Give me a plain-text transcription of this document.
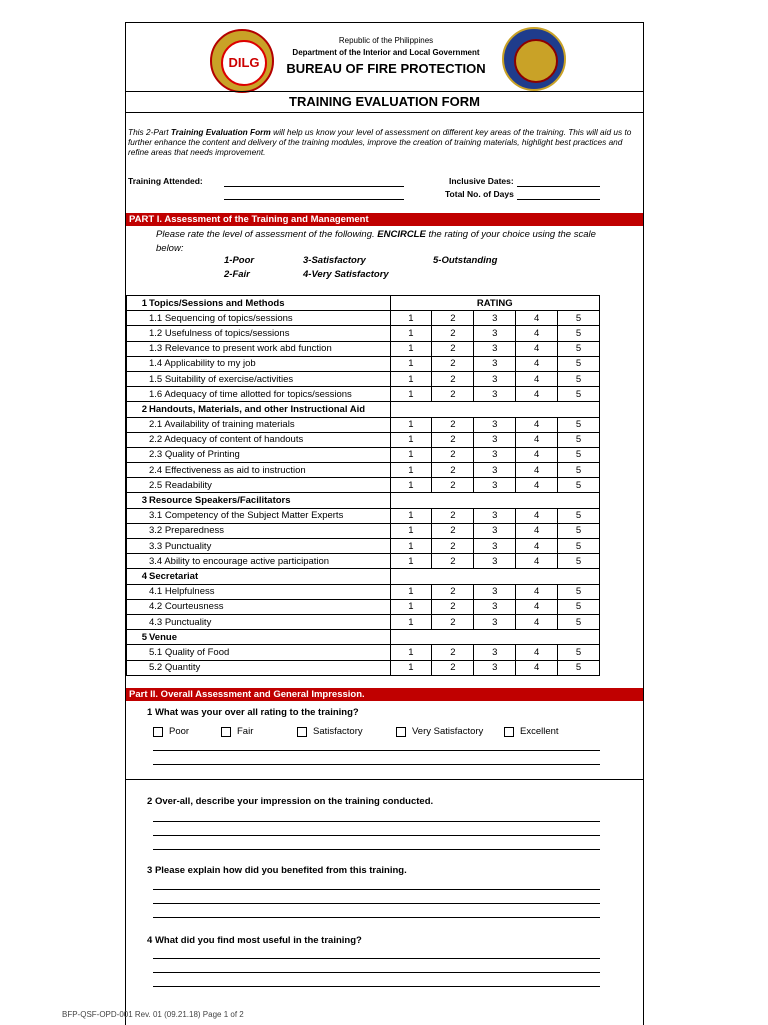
DILG
Republic of the Philippines
Department of the Interior and Local Government
BUREAU OF FIRE PROTECTION
TRAINING EVALUATION FORM
This 2-Part Training Evaluation Form will help us know your level of assessment on different key areas of the training. This will aid us to further enhance the content and delivery of the training modules, improve the creation of training materials, highlight best practices and refine areas that needs improvement.
Training Attended:	Inclusive Dates:
Total No. of Days
PART I. Assessment of the Training and Management
Please rate the level of assessment of the following. ENCIRCLE the rating of your choice using the scale below:
1-Poor
2-Fair
3-Satisfactory
4-Very Satisfactory
5-Outstanding
1 Topics/Sessions and Methods	RATING				
1.1 Sequencing of topics/sessions	1	2	3	4	5
1.2 Usefulness of topics/sessions	1	2	3	4	5
1.3 Relevance to present work abd function	1	2	3	4	5
1.4 Applicability to my job	1	2	3	4	5
1.5 Suitability of exercise/activities	1	2	3	4	5
1.6 Adequacy of time allotted for topics/sessions	1	2	3	4	5
2 Handouts, Materials, and other Instructional Aid					
2.1 Availability of training materials	1	2	3	4	5
2.2 Adequacy of content of handouts	1	2	3	4	5
2.3 Quality of Printing	1	2	3	4	5
2.4 Effectiveness as aid to instruction	1	2	3	4	5
2.5 Readability	1	2	3	4	5
3 Resource Speakers/Facilitators					
3.1 Competency of the Subject Matter Experts	1	2	3	4	5
3.2 Preparedness	1	2	3	4	5
3.3 Punctuality	1	2	3	4	5
3.4 Ability to encourage active participation	1	2	3	4	5
4 Secretariat					
4.1 Helpfulness	1	2	3	4	5
4.2 Courteusness	1	2	3	4	5
4.3 Punctuality	1	2	3	4	5
5 Venue					
5.1 Quality of Food	1	2	3	4	5
5.2 Quantity	1	2	3	4	5
Part II. Overall Assessment and General Impression.
1 What was your over all rating to the training?
Poor	Fair	Satisfactory	Very Satisfactory	Excellent
2 Over-all, describe your impression on the training conducted.
3 Please explain how did you benefited from this training.
4 What did you find most useful in the training?
BFP-QSF-OPD-001 Rev. 01 (09.21.18) Page 1 of 2
